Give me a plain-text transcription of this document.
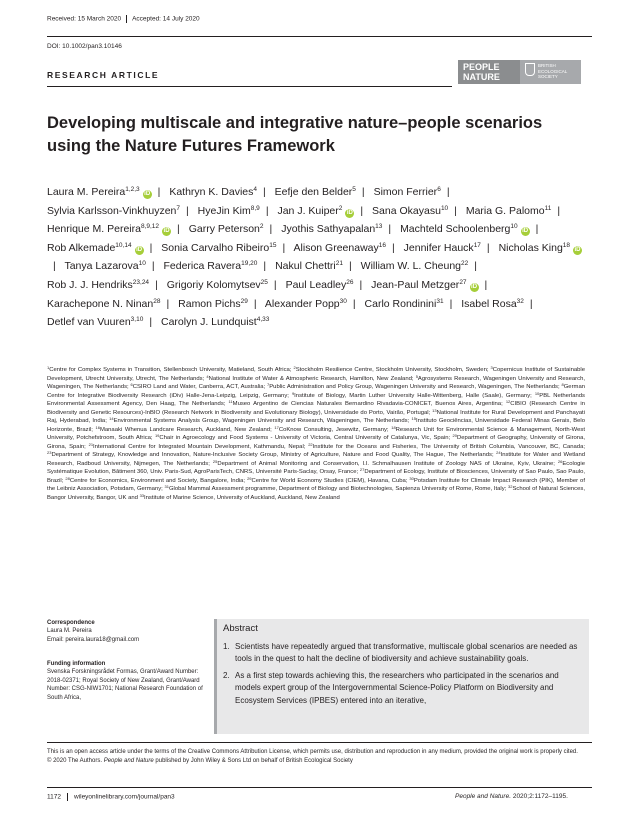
Received: 15 March 2020 Accepted: 14 July 2020
DOI: 10.1002/pan3.10146
RESEARCH ARTICLE
PEOPLE
NATURE
BRITISH
ECOLOGICAL
SOCIETY
Developing multiscale and integrative nature–people scenarios using the Nature Futures Framework
Laura M. Pereira$^{1,2,3}$iD | Kathryn K. Davies$^4$ | Eefje den Belder$^5$ | Simon Ferrier$^6$ | Sylvia Karlsson-Vinkhuyzen$^7$ | HyeJin Kim$^{8,9}$ | Jan J. Kuiper$^2$iD | Sana Okayasu$^{10}$ | Maria G. Palomo$^{11}$ | Henrique M. Pereira$^{8,9,12}$iD | Garry Peterson$^2$ | Jyothis Sathyapalan$^{13}$ | Machteld Schoolenberg$^{10}$iD | Rob Alkemade$^{10,14}$iD | Sonia Carvalho Ribeiro$^{15}$ | Alison Greenaway$^{16}$ | Jennifer Hauck$^{17}$ | Nicholas King$^{18}$iD| Tanya Lazarova$^{10}$ | Federica Ravera$^{19,20}$ | Nakul Chettri$^{21}$ | William W. L. Cheung$^{22}$ | Rob J. J. Hendriks$^{23,24}$ | Grigoriy Kolomytsev$^{25}$ | Paul Leadley$^{26}$ | Jean-Paul Metzger$^{27}$iD | Karachepone N. Ninan$^{28}$ | Ramon Pichs$^{29}$ | Alexander Popp$^{30}$ | Carlo Rondinini$^{31}$ | Isabel Rosa$^{32}$ | Detlef van Vuuren$^{3,10}$ | Carolyn J. Lundquist$^{4,33}$
$^1$Centre for Complex Systems in Transition, Stellenbosch University, Matieland, South Africa; $^2$Stockholm Resilience Centre, Stockholm University, Stockholm, Sweden; $^3$Copernicus Institute of Sustainable Development, Utrecht University, Utrecht, The Netherlands; $^4$National Institute of Water & Atmospheric Research, Hamilton, New Zealand; $^5$Agrosystems Research, Wageningen University and Research, Wageningen, The Netherlands; $^6$CSIRO Land and Water, Canberra, ACT, Australia; $^7$Public Administration and Policy Group, Wageningen University and Research, Wageningen, The Netherlands; $^8$German Centre for Integrative Biodiversity Research (iDiv) Halle-Jena-Leipzig, Leipzig, Germany; $^9$Institute of Biology, Martin Luther University Halle-Wittenberg, Halle (Saale), Germany; $^{10}$PBL Netherlands Environmental Assessment Agency, Den Haag, The Netherlands; $^{11}$Museo Argentino de Ciencias Naturales Bernardino Rivadavia-CONICET, Buenos Aires, Argentina; $^{12}$CIBIO (Research Centre in Biodiversity and Genetic Resources)-InBIO (Research Network in Biodiversity and Evolutionary Biology), Universidade do Porto, Vairão, Portugal; $^{13}$National Institute for Rural Development and Panchayati Raj, Hyderabad, India; $^{14}$Environmental Systems Analysis Group, Wageningen University and Research, Wageningen, The Netherlands; $^{15}$Instituto Geociências, Universidade Federal Minas Gerais, Belo Horizonte, Brazil; $^{16}$Manaaki Whenua Landcare Research, Auckland, New Zealand; $^{17}$CoKnow Consulting, Jesewitz, Germany; $^{18}$Research Unit for Environmental Science & Management, North-West University, Potchefstroom, South Africa; $^{19}$Chair in Agroecology and Food Systems - University of Victoria, Central University of Catalunya, Vic, Spain; $^{20}$Department of Geography, University of Girona, Girona, Spain; $^{21}$International Centre for Integrated Mountain Development, Kathmandu, Nepal; $^{22}$Institute for the Oceans and Fisheries, The University of British Columbia, Vancouver, BC, Canada; $^{23}$Department of Strategy, Knowledge and Innovation, Nature-Inclusive Society Group, Ministry of Agriculture, Nature and Food Quality, The Hague, The Netherlands; $^{24}$Institute for Water and Wetland Research, Radboud University, Nijmegen, The Netherlands; $^{25}$Department of Animal Monitoring and Conservation, I.I. Schmalhausen Institute of Zoology NAS of Ukraine, Kyiv, Ukraine; $^{26}$Ecologie Systématique Evolution, Bâtiment 360, Univ. Paris-Sud, AgroParisTech, CNRS, Université Paris-Saclay, Orsay, France; $^{27}$Department of Ecology, Institute of Biosciences, University of Sao Paulo, Sao Paulo, Brazil; $^{28}$Centre for Economics, Environment and Society, Bangalore, India; $^{29}$Centre for World Economy Studies (CIEM), Havana, Cuba; $^{30}$Potsdam Institute for Climate Impact Research (PIK), Member of the Leibniz Association, Potsdam, Germany; $^{31}$Global Mammal Assessment programme, Department of Biology and Biotechnologies, Sapienza University of Rome, Rome, Italy; $^{32}$School of Natural Sciences, Bangor University, Bangor, UK and $^{33}$Institute of Marine Science, University of Auckland, Auckland, New Zealand
Correspondence
Laura M. Pereira
Email: pereira.laura18@gmail.com
Funding information
Svenska Forskningsrådet Formas, Grant/Award Number: 2018-02371; Royal Society of New Zealand, Grant/Award Number: CSG-NIW1701; National Research Foundation of South Africa,
Abstract
1. Scientists have repeatedly argued that transformative, multiscale global scenarios are needed as tools in the quest to halt the decline of biodiversity and achieve sustainability goals.
2. As a first step towards achieving this, the researchers who participated in the scenarios and models expert group of the Intergovernmental Science-Policy Platform on Biodiversity and Ecosystem Services (IPBES) entered into an iterative,
This is an open access article under the terms of the Creative Commons Attribution License, which permits use, distribution and reproduction in any medium, provided the original work is properly cited.
© 2020 The Authors. People and Nature published by John Wiley & Sons Ltd on behalf of British Ecological Society
1172 wileyonlinelibrary.com/journal/pan3	People and Nature. 2020;2:1172–1195.
